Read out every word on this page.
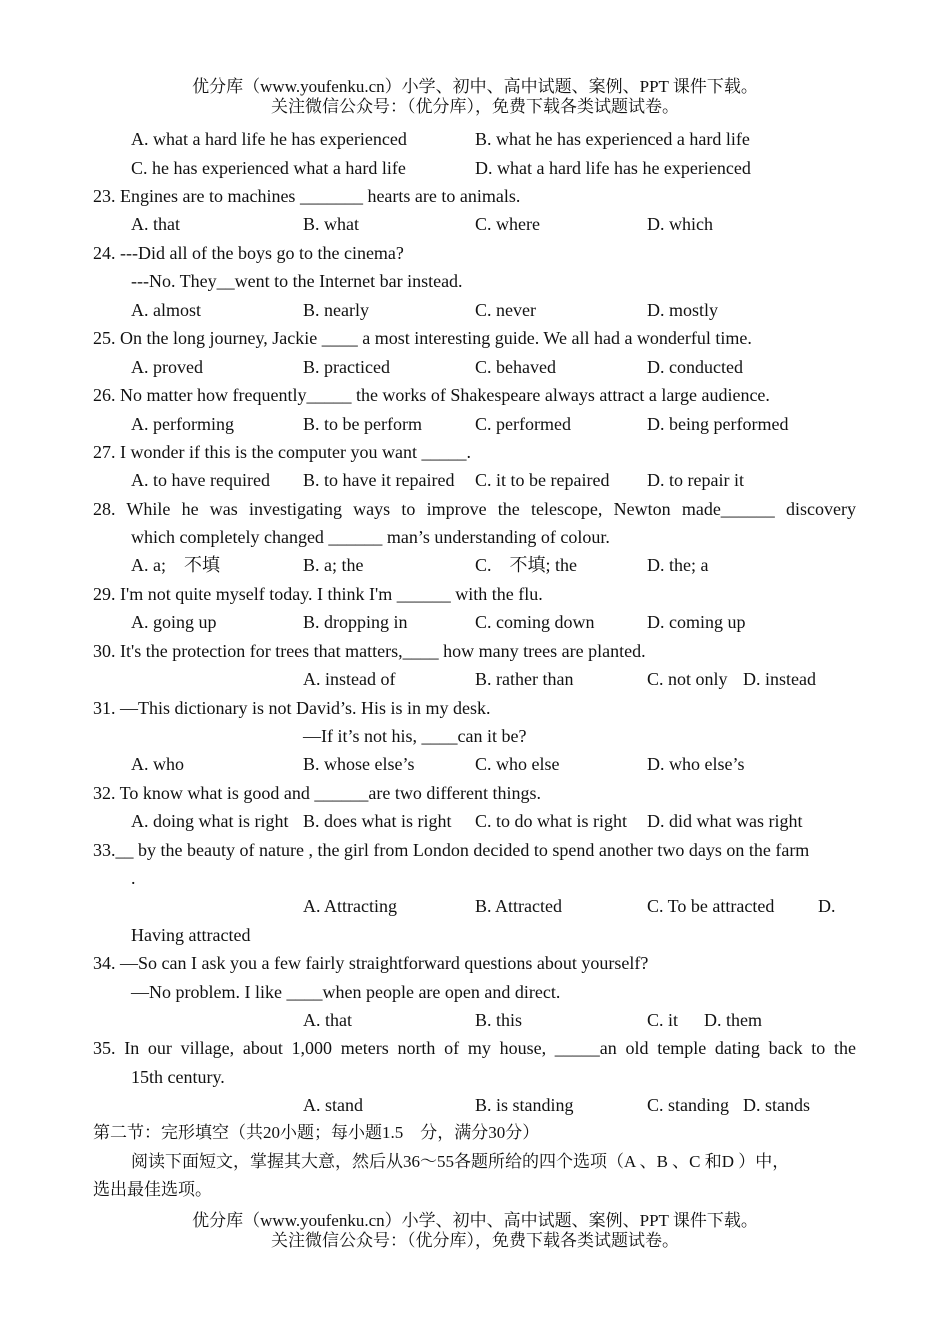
优分库（www.youfenku.cn）小学、初中、高中试题、案例、PPT 课件下载。
关注微信公众号：（优分库），免费下载各类试题试卷。
A. what a hard life he has experienced	B. what he has experienced a hard life
C. he has experienced what a hard life	D. what a hard life has he experienced
23. Engines are to machines _______ hearts are to animals.
A. that	B. what	C. where	D. which
24. ---Did all of the boys go to the cinema?
---No. They__went to the Internet bar instead.
A. almost	B. nearly	C. never	D. mostly
25. On the long journey, Jackie ____ a most interesting guide. We all had a wonderful time.
A. proved	B. practiced	C. behaved	D. conducted
26. No matter how frequently_____ the works of Shakespeare always attract a large audience.
A. performing	B. to be perform	C. performed	D. being performed
27. I wonder if this is the computer you want _____.
A. to have required B. to have it repaired C. it to be repaired D. to repair it
28. While he was investigating ways to improve the telescope, Newton made______ discovery
which completely changed ______ man’s understanding of colour.
A. a;    不填	B. a; the	C.    不填; the	D. the; a
29. I'm not quite myself today. I think I'm ______ with the flu.
A. going up	B. dropping in	C. coming down	D. coming up
30. It's the protection for trees that matters,____ how many trees are planted.
A. instead of	B. rather than	C. not only D. instead
31. —This dictionary is not David’s. His is in my desk.
—If it’s not his, ____can it be?
A. who	B. whose else’s	C. who else	D. who else’s
32. To know what is good and ______are two different things.
A. doing what is right B. does what is right C. to do what is right D. did what was right
33.__ by the beauty of nature , the girl from London decided to spend another two days on the farm
.
A. Attracting	B. Attracted	C. To be attracted D.
Having attracted
34. —So can I ask you a few fairly straightforward questions about yourself?
—No problem. I like ____when people are open and direct.
A. that	B. this	C. it D. them
35. In our village, about 1,000 meters north of my house, _____an old temple dating back to the
15th century.
A. stand	B. is standing	C. standing D. stands
第二节：完形填空（共20小题；每小题1.5　分，满分30分）
阅读下面短文，掌握其大意，然后从36～55各题所给的四个选项（A 、B 、C 和D ）中，
选出最佳选项。
优分库（www.youfenku.cn）小学、初中、高中试题、案例、PPT 课件下载。
关注微信公众号：（优分库），免费下载各类试题试卷。
